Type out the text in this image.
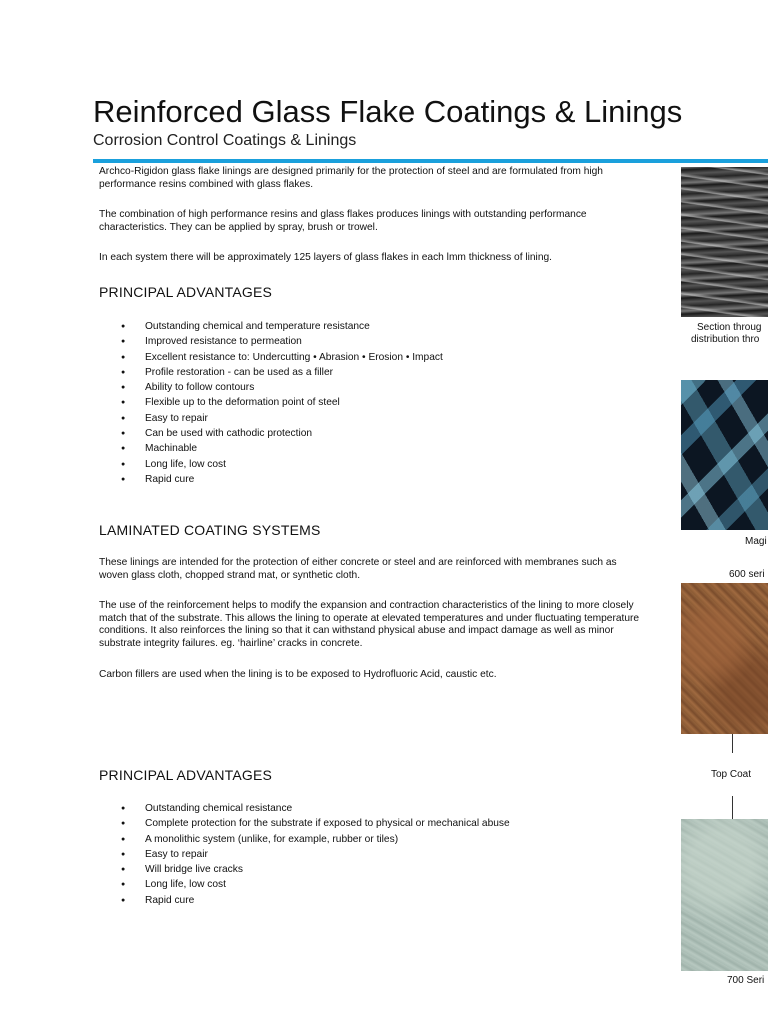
Reinforced Glass Flake Coatings & Linings
Corrosion Control Coatings & Linings
Archco-Rigidon glass flake linings are designed primarily for the protection of steel and are formulated from high performance resins combined with glass flakes.
The combination of high performance resins and glass flakes produces linings with outstanding performance characteristics. They can be applied by spray, brush or trowel.
In each system there will be approximately 125 layers of glass flakes in each lmm thickness of lining.
PRINCIPAL ADVANTAGES
● Outstanding chemical and temperature resistance
● Improved resistance to permeation
● Excellent resistance to: Undercutting • Abrasion • Erosion • Impact
● Profile restoration - can be used as a filler
● Ability to follow contours
● Flexible up to the deformation point of steel
● Easy to repair
● Can be used with cathodic protection
● Machinable
● Long life, low cost
● Rapid cure
LAMINATED COATING SYSTEMS
These linings are intended for the protection of either concrete or steel and are reinforced with membranes such as woven glass cloth, chopped strand mat, or synthetic cloth.
The use of the reinforcement helps to modify the expansion and contraction characteristics of the lining to more closely match that of the substrate. This allows the lining to operate at elevated temperatures and under fluctuating temperature conditions. It also reinforces the lining so that it can withstand physical abuse and impact damage as well as minor substrate integrity failures. eg. ‘hairline’ cracks in concrete.
Carbon fillers are used when the lining is to be exposed to Hydrofluoric Acid, caustic etc.
PRINCIPAL ADVANTAGES
● Outstanding chemical resistance
● Complete protection for the substrate if exposed to physical or mechanical abuse
● A monolithic system (unlike, for example, rubber or tiles)
● Easy to repair
● Will bridge live cracks
● Long life, low cost
● Rapid cure
Section throug
distribution thro
Magi
600 seri
Top Coat
700 Seri
